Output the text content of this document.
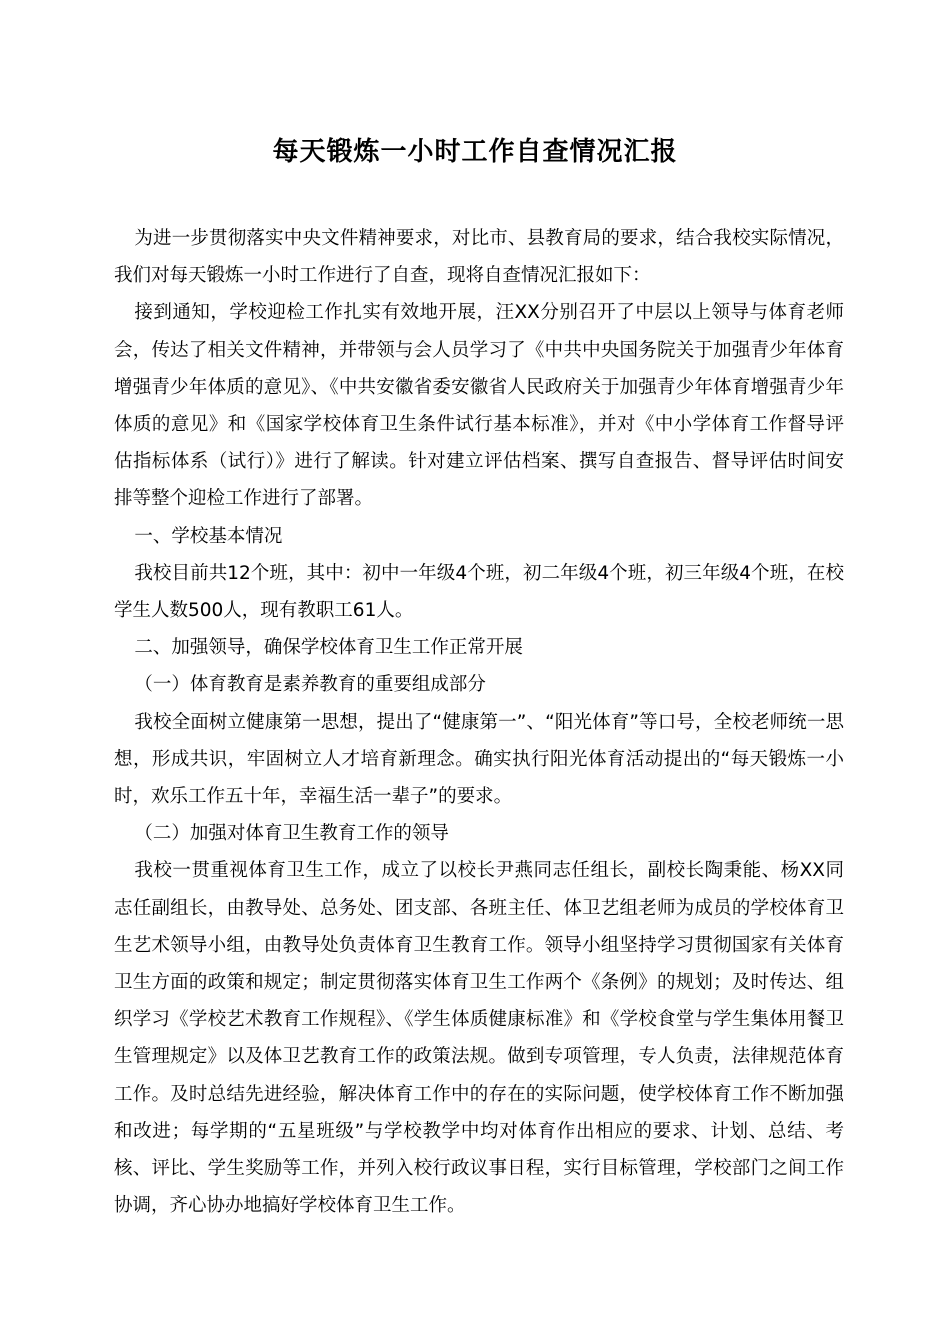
每天锻炼一小时工作自查情况汇报

为进一步贯彻落实中央文件精神要求，对比市、县教育局的要求，结合我校实际情况，我们对每天锻炼一小时工作进行了自查，现将自查情况汇报如下：

接到通知，学校迎检工作扎实有效地开展，汪XX分别召开了中层以上领导与体育老师会，传达了相关文件精神，并带领与会人员学习了《中共中央国务院关于加强青少年体育增强青少年体质的意见》、《中共安徽省委安徽省人民政府关于加强青少年体育增强青少年体质的意见》和《国家学校体育卫生条件试行基本标准》，并对《中小学体育工作督导评估指标体系（试行）》进行了解读。针对建立评估档案、撰写自查报告、督导评估时间安排等整个迎检工作进行了部署。

一、学校基本情况

我校目前共12个班，其中：初中一年级4个班，初二年级4个班，初三年级4个班，在校学生人数500人，现有教职工61人。

二、加强领导，确保学校体育卫生工作正常开展

（一）体育教育是素养教育的重要组成部分

我校全面树立健康第一思想，提出了“健康第一”、“阳光体育”等口号，全校老师统一思想，形成共识，牢固树立人才培育新理念。确实执行阳光体育活动提出的“每天锻炼一小时，欢乐工作五十年，幸福生活一辈子”的要求。

（二）加强对体育卫生教育工作的领导

我校一贯重视体育卫生工作，成立了以校长尹燕同志任组长，副校长陶秉能、杨XX同志任副组长，由教导处、总务处、团支部、各班主任、体卫艺组老师为成员的学校体育卫生艺术领导小组，由教导处负责体育卫生教育工作。领导小组坚持学习贯彻国家有关体育卫生方面的政策和规定；制定贯彻落实体育卫生工作两个《条例》的规划；及时传达、组织学习《学校艺术教育工作规程》、《学生体质健康标准》和《学校食堂与学生集体用餐卫生管理规定》以及体卫艺教育工作的政策法规。做到专项管理，专人负责，法律规范体育工作。及时总结先进经验，解决体育工作中的存在的实际问题，使学校体育工作不断加强和改进；每学期的“五星班级”与学校教学中均对体育作出相应的要求、计划、总结、考核、评比、学生奖励等工作，并列入校行政议事日程，实行目标管理，学校部门之间工作协调，齐心协办地搞好学校体育卫生工作。
